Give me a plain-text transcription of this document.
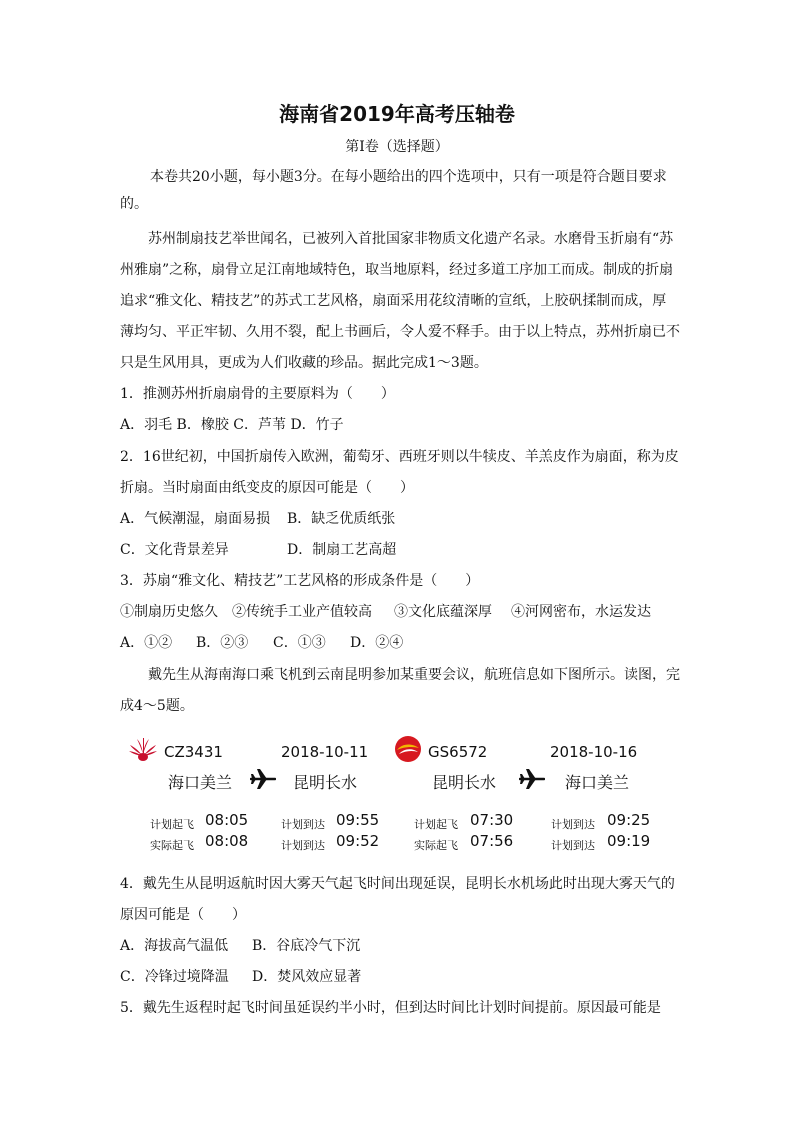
海南省2019年高考压轴卷
第Ⅰ卷（选择题）
本卷共20小题，每小题3分。在每小题给出的四个选项中，只有一项是符合题目要求
的。
苏州制扇技艺举世闻名，已被列入首批国家非物质文化遗产名录。水磨骨玉折扇有“苏
州雅扇”之称，扇骨立足江南地域特色，取当地原料，经过多道工序加工而成。制成的折扇
追求“雅文化、精技艺”的苏式工艺风格，扇面采用花纹清晰的宣纸，上胶矾揉制而成，厚
薄均匀、平正牢韧、久用不裂，配上书画后，令人爱不释手。由于以上特点，苏州折扇已不
只是生风用具，更成为人们收藏的珍品。据此完成1～3题。
1．推测苏州折扇扇骨的主要原料为（　　）
A．羽毛 B．橡胶 C．芦苇 D．竹子
2．16世纪初，中国折扇传入欧洲，葡萄牙、西班牙则以牛犊皮、羊羔皮作为扇面，称为皮
折扇。当时扇面由纸变皮的原因可能是（　　）
A．气候潮湿，扇面易损 B．缺乏优质纸张
C．文化背景差异	D．制扇工艺高超
3．苏扇“雅文化、精技艺”工艺风格的形成条件是（　　）
①制扇历史悠久 ②传统手工业产值较高 ③文化底蕴深厚 ④河网密布，水运发达
A．①② B．②③ C．①③ D．②④
戴先生从海南海口乘飞机到云南昆明参加某重要会议，航班信息如下图所示。读图，完
成4～5题。
CZ3431	2018-10-11
海口美兰	昆明长水
计划起飞 08:05	计划到达 09:55
实际起飞 08:08	计划到达 09:52
GS6572	2018-10-16
昆明长水	海口美兰
计划起飞 07:30	计划到达 09:25
实际起飞 07:56	计划到达 09:19
4．戴先生从昆明返航时因大雾天气起飞时间出现延误，昆明长水机场此时出现大雾天气的
原因可能是（　　）
A．海拔高气温低 B．谷底冷气下沉
C．冷锋过境降温 D．焚风效应显著
5．戴先生返程时起飞时间虽延误约半小时，但到达时间比计划时间提前。原因最可能是
